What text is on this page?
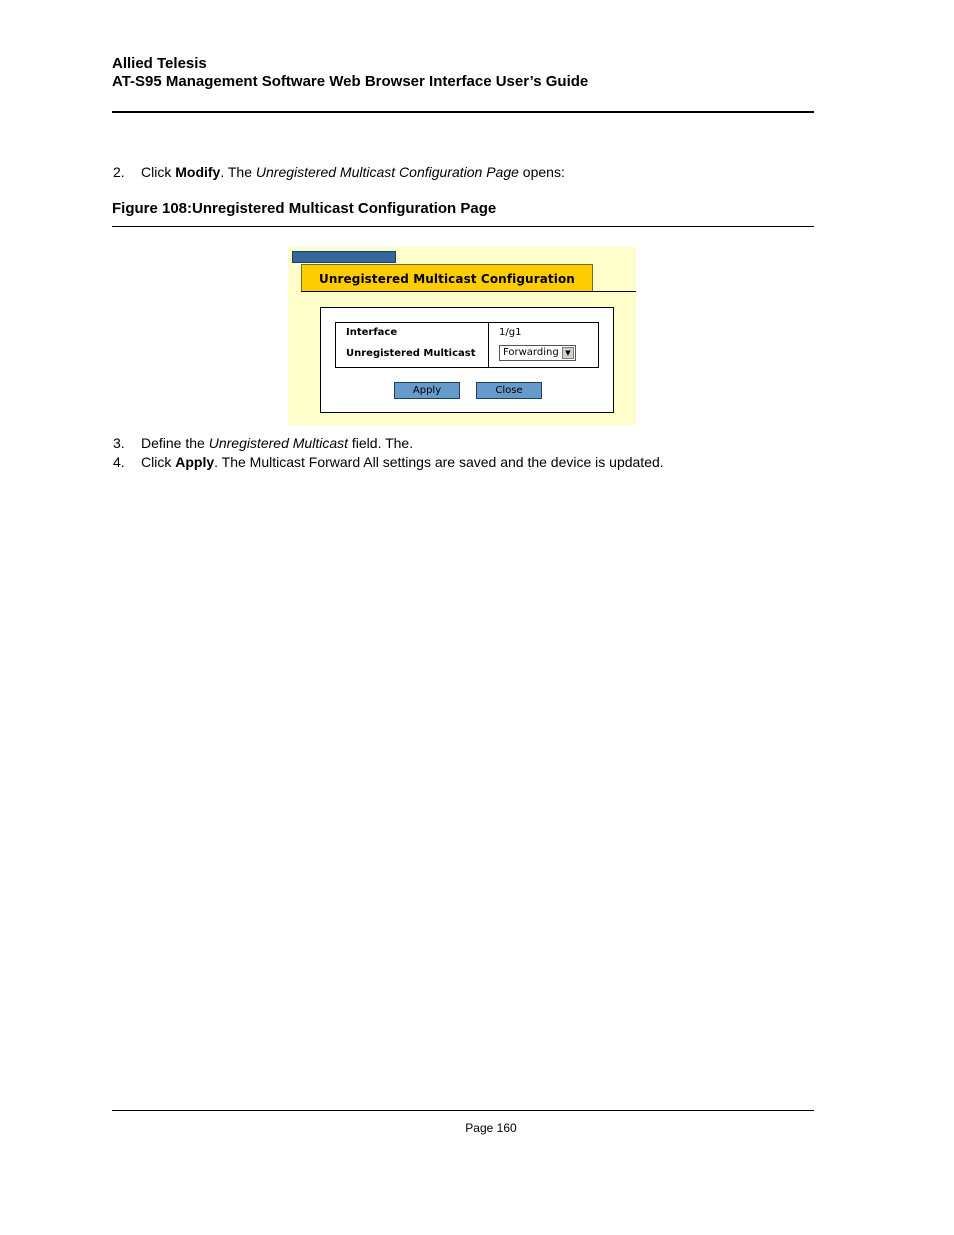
Allied Telesis
AT-S95 Management Software Web Browser Interface User’s Guide
2. Click Modify. The Unregistered Multicast Configuration Page opens:
Figure 108:Unregistered Multicast Configuration Page
Unregistered Multicast Configuration
Interface	1/g1
Unregistered Multicast	Forwarding ▼
Apply	Close
3. Define the Unregistered Multicast field. The.
4. Click Apply. The Multicast Forward All settings are saved and the device is updated.
Page 160
